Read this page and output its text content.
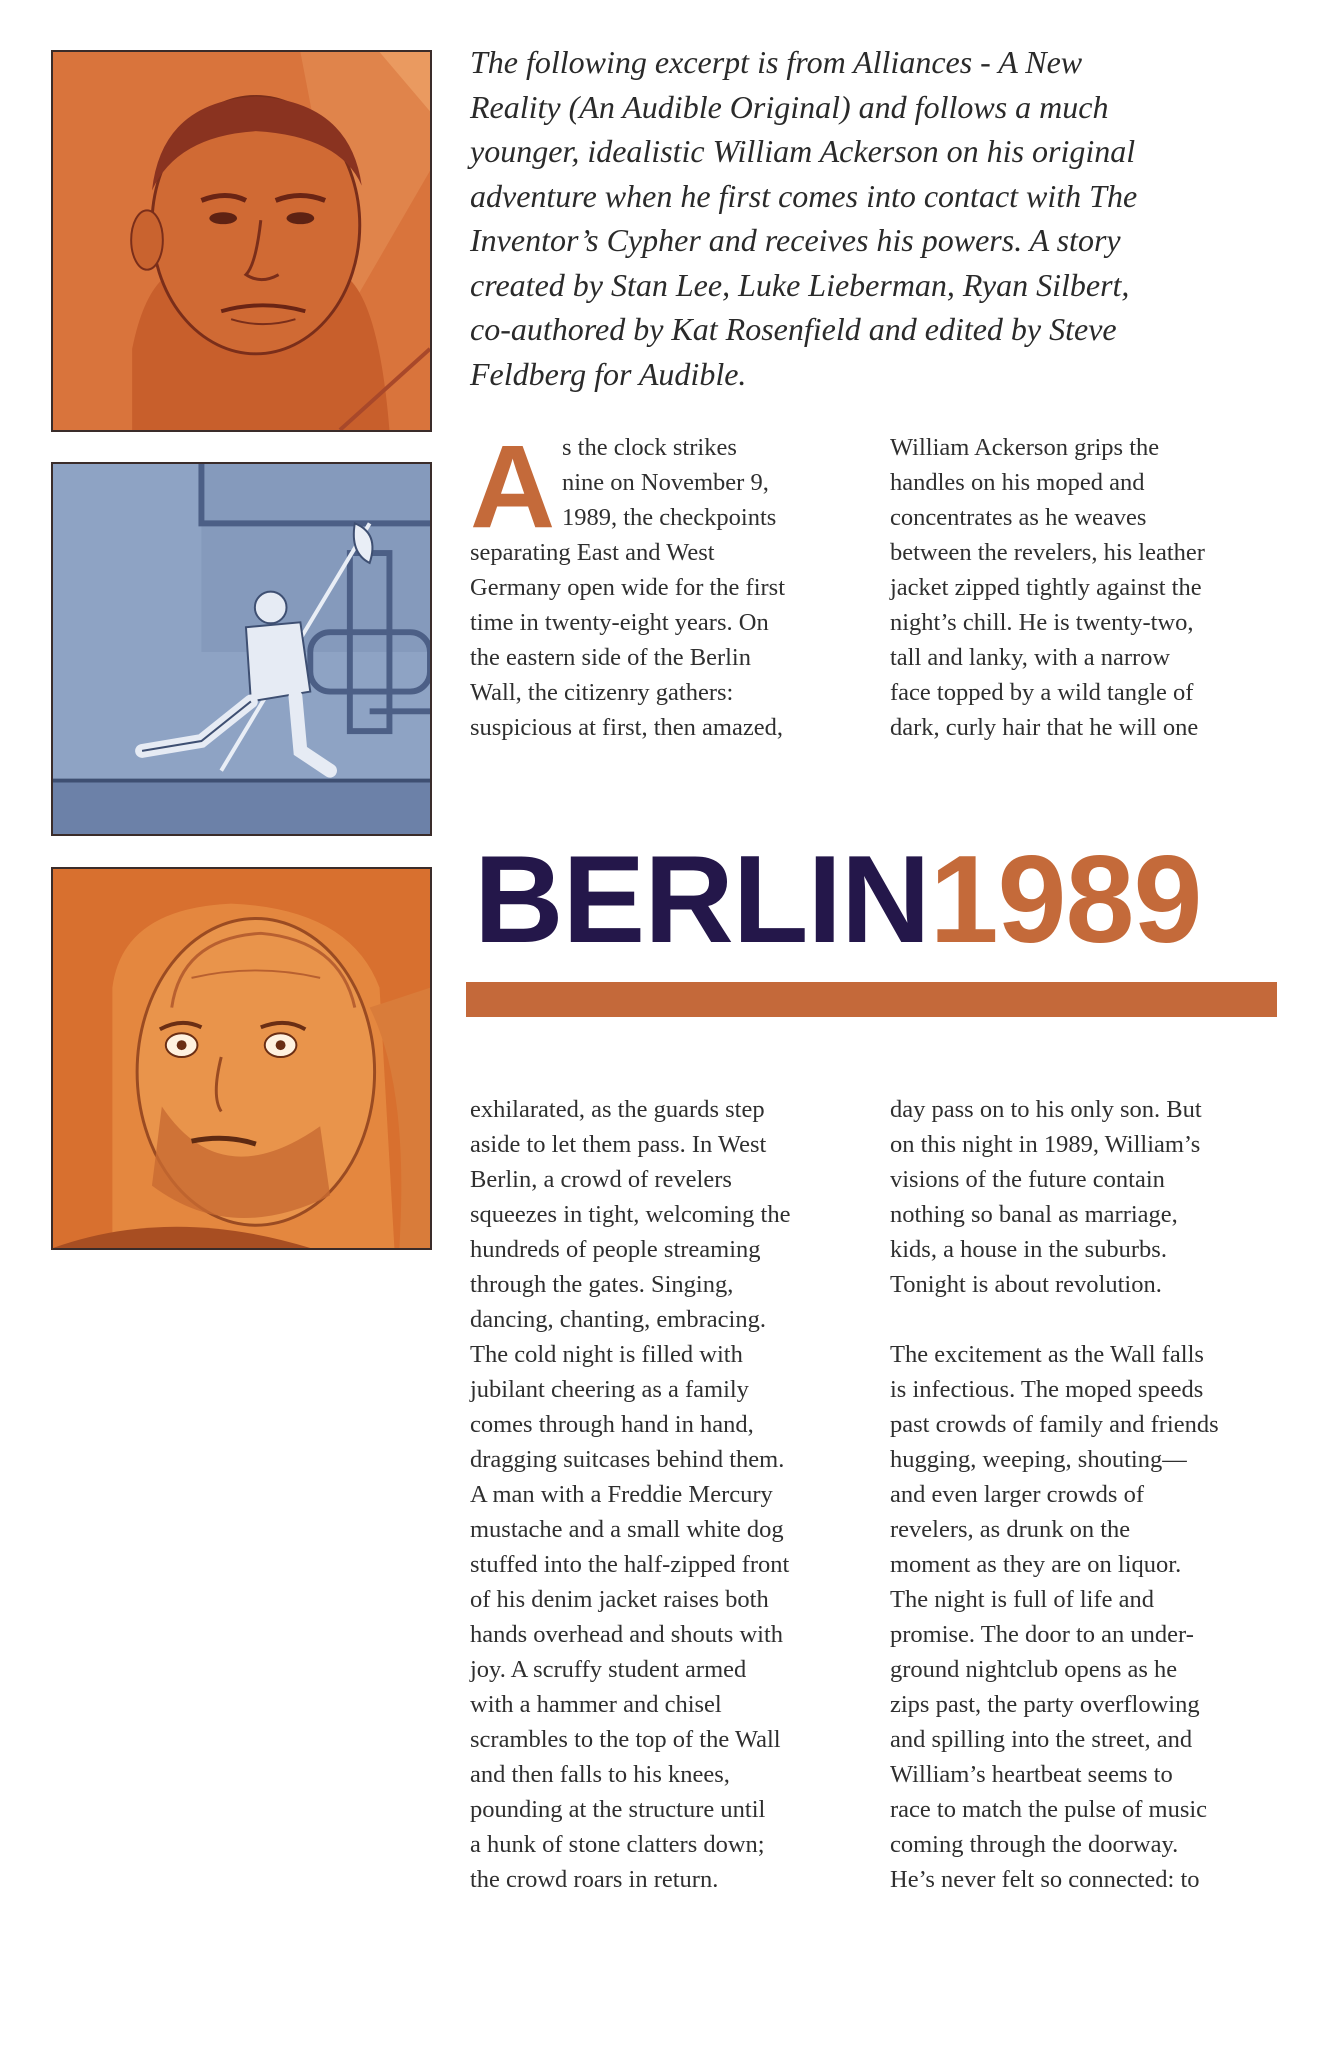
The following excerpt is from Alliances - A New
Reality (An Audible Original) and follows a much
younger, idealistic William Ackerson on his original
adventure when he first comes into contact with The
Inventor’s Cypher and receives his powers. A story
created by Stan Lee, Luke Lieberman, Ryan Silbert,
co-authored by Kat Rosenfield and edited by Steve
Feldberg for Audible.

A s the clock strikes
nine on November 9,
1989, the checkpoints
separating East and West
Germany open wide for the first
time in twenty-eight years. On
the eastern side of the Berlin
Wall, the citizenry gathers:
suspicious at first, then amazed,

William Ackerson grips the
handles on his moped and
concentrates as he weaves
between the revelers, his leather
jacket zipped tightly against the
night’s chill. He is twenty-two,
tall and lanky, with a narrow
face topped by a wild tangle of
dark, curly hair that he will one

BERLIN1989

exhilarated, as the guards step
aside to let them pass. In West
Berlin, a crowd of revelers
squeezes in tight, welcoming the
hundreds of people streaming
through the gates. Singing,
dancing, chanting, embracing.
The cold night is filled with
jubilant cheering as a family
comes through hand in hand,
dragging suitcases behind them.
A man with a Freddie Mercury
mustache and a small white dog
stuffed into the half-zipped front
of his denim jacket raises both
hands overhead and shouts with
joy. A scruffy student armed
with a hammer and chisel
scrambles to the top of the Wall
and then falls to his knees,
pounding at the structure until
a hunk of stone clatters down;
the crowd roars in return.

day pass on to his only son. But
on this night in 1989, William’s
visions of the future contain
nothing so banal as marriage,
kids, a house in the suburbs.
Tonight is about revolution.

The excitement as the Wall falls
is infectious. The moped speeds
past crowds of family and friends
hugging, weeping, shouting—
and even larger crowds of
revelers, as drunk on the
moment as they are on liquor.
The night is full of life and
promise. The door to an under-
ground nightclub opens as he
zips past, the party overflowing
and spilling into the street, and
William’s heartbeat seems to
race to match the pulse of music
coming through the doorway.
He’s never felt so connected: to
